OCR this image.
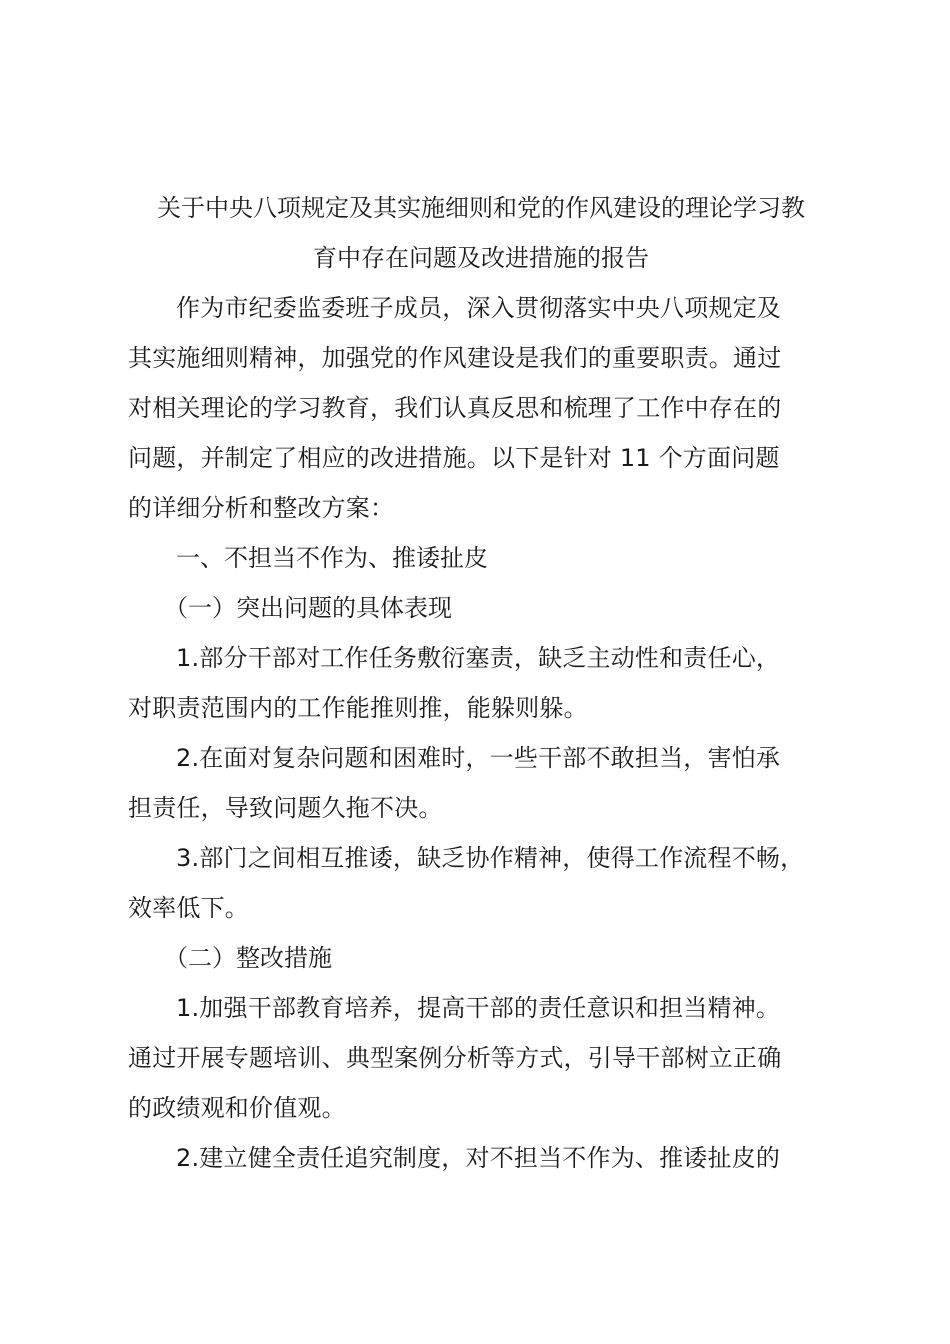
关于中央八项规定及其实施细则和党的作风建设的理论学习教
育中存在问题及改进措施的报告

作为市纪委监委班子成员，深入贯彻落实中央八项规定及
其实施细则精神，加强党的作风建设是我们的重要职责。通过
对相关理论的学习教育，我们认真反思和梳理了工作中存在的
问题，并制定了相应的改进措施。以下是针对 11 个方面问题
的详细分析和整改方案：

一、不担当不作为、推诿扯皮

（一）突出问题的具体表现

1.部分干部对工作任务敷衍塞责，缺乏主动性和责任心，
对职责范围内的工作能推则推，能躲则躲。

2.在面对复杂问题和困难时，一些干部不敢担当，害怕承
担责任，导致问题久拖不决。

3.部门之间相互推诿，缺乏协作精神，使得工作流程不畅，
效率低下。

（二）整改措施

1.加强干部教育培养，提高干部的责任意识和担当精神。
通过开展专题培训、典型案例分析等方式，引导干部树立正确
的政绩观和价值观。

2.建立健全责任追究制度，对不担当不作为、推诿扯皮的
